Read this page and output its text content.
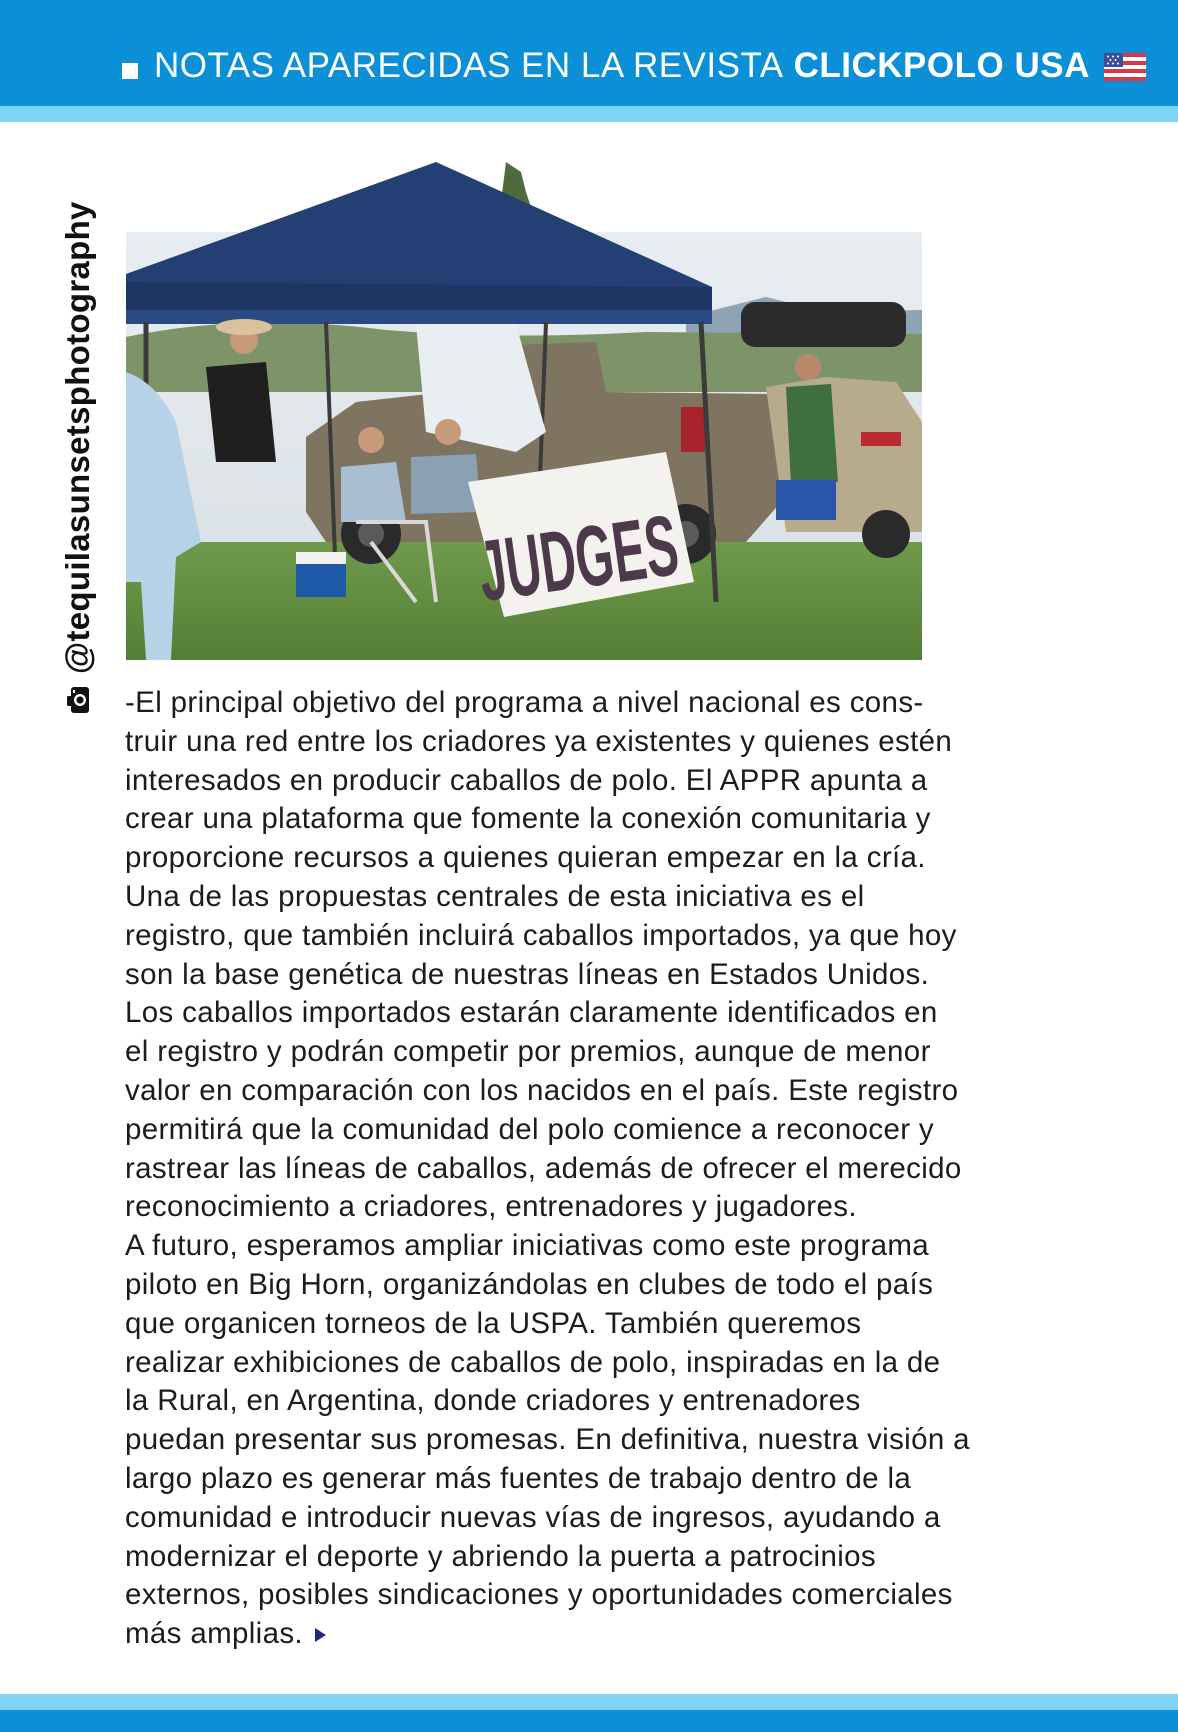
NOTAS APARECIDAS EN LA REVISTA CLICKPOLO USA
@tequilasunsetsphotography	JUDGES
-El principal objetivo del programa a nivel nacional es cons-
truir una red entre los criadores ya existentes y quienes estén
interesados en producir caballos de polo. El APPR apunta a
crear una plataforma que fomente la conexión comunitaria y
proporcione recursos a quienes quieran empezar en la cría.
Una de las propuestas centrales de esta iniciativa es el
registro, que también incluirá caballos importados, ya que hoy
son la base genética de nuestras líneas en Estados Unidos.
Los caballos importados estarán claramente identificados en
el registro y podrán competir por premios, aunque de menor
valor en comparación con los nacidos en el país. Este registro
permitirá que la comunidad del polo comience a reconocer y
rastrear las líneas de caballos, además de ofrecer el merecido
reconocimiento a criadores, entrenadores y jugadores.
A futuro, esperamos ampliar iniciativas como este programa
piloto en Big Horn, organizándolas en clubes de todo el país
que organicen torneos de la USPA. También queremos
realizar exhibiciones de caballos de polo, inspiradas en la de
la Rural, en Argentina, donde criadores y entrenadores
puedan presentar sus promesas. En definitiva, nuestra visión a
largo plazo es generar más fuentes de trabajo dentro de la
comunidad e introducir nuevas vías de ingresos, ayudando a
modernizar el deporte y abriendo la puerta a patrocinios
externos, posibles sindicaciones y oportunidades comerciales
más amplias.
